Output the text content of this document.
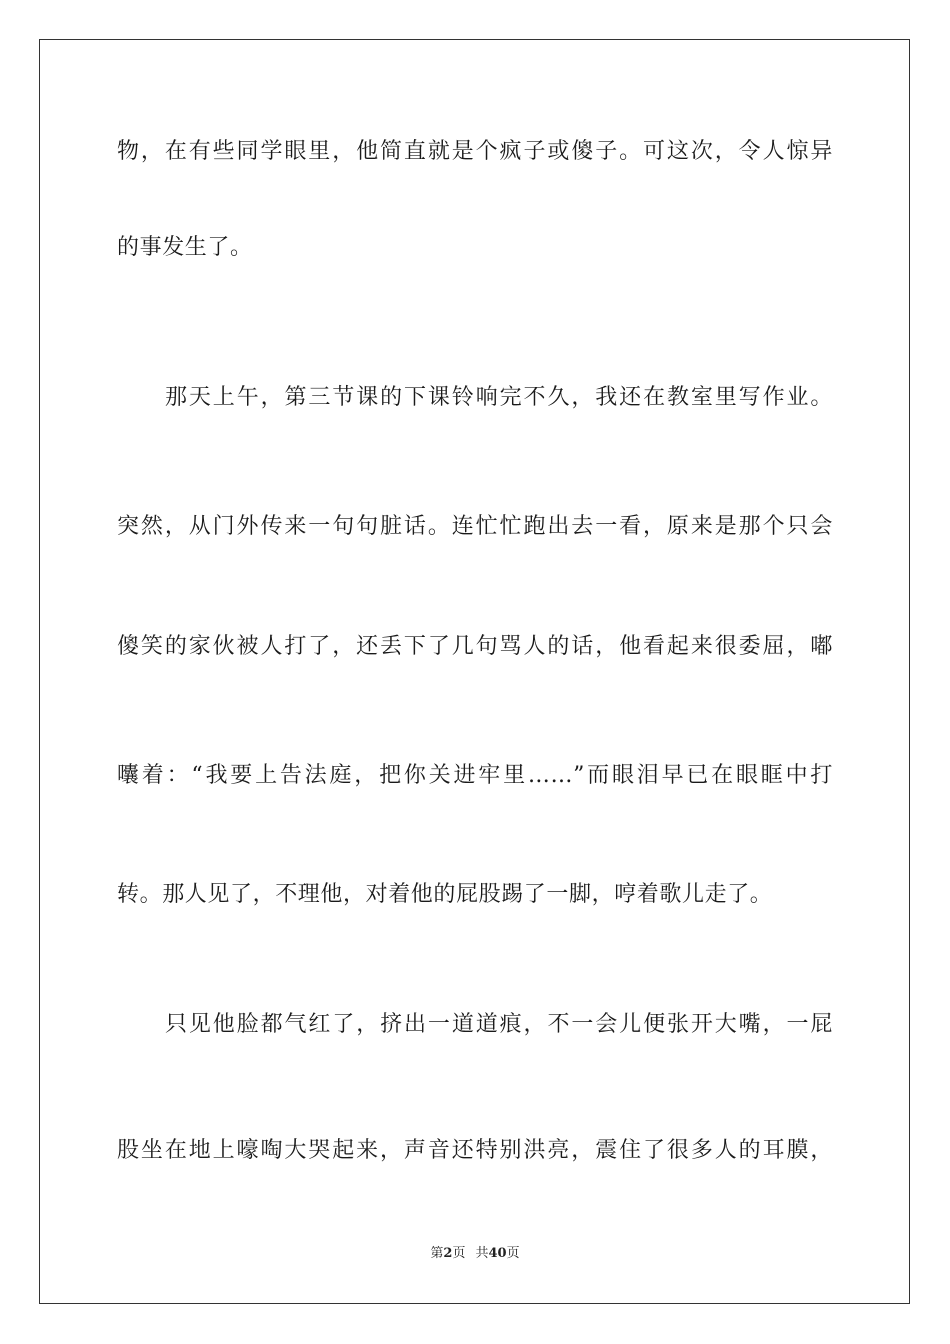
物，在有些同学眼里，他简直就是个疯子或傻子。可这次，令人惊异
的事发生了。
那天上午，第三节课的下课铃响完不久，我还在教室里写作业。
突然，从门外传来一句句脏话。连忙忙跑出去一看，原来是那个只会
傻笑的家伙被人打了，还丢下了几句骂人的话，他看起来很委屈，嘟
囔着：“我要上告法庭，把你关进牢里……”而眼泪早已在眼眶中打
转。那人见了，不理他，对着他的屁股踢了一脚，哼着歌儿走了。
只见他脸都气红了，挤出一道道痕，不一会儿便张开大嘴，一屁
股坐在地上嚎啕大哭起来，声音还特别洪亮，震住了很多人的耳膜，
第2页 共40页
